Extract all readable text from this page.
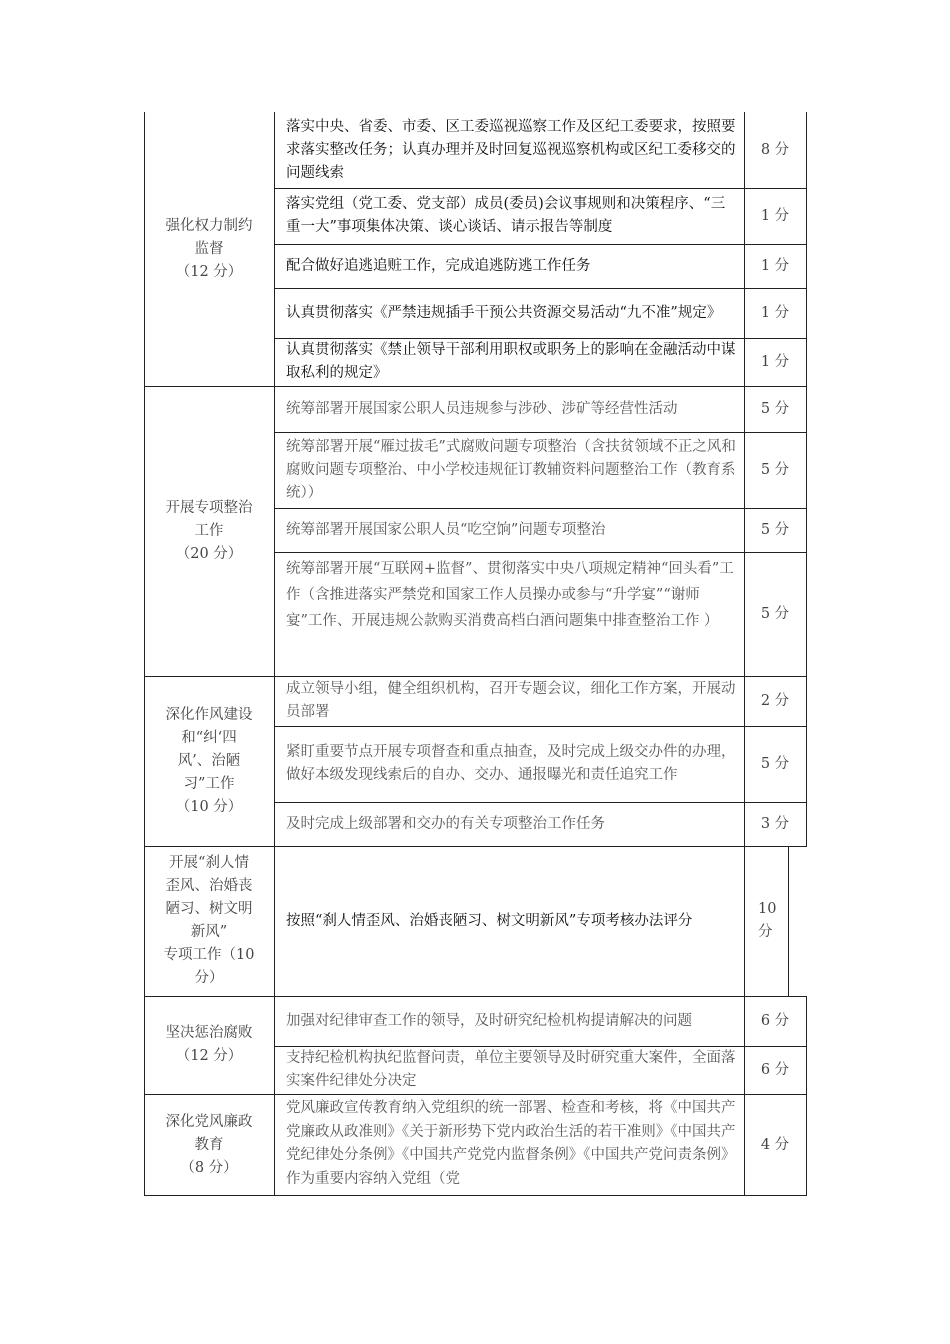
强化权力制约
监督
（12 分）
落实中央、省委、市委、区工委巡视巡察工作及区纪工委要求，按照要求落实整改任务；认真办理并及时回复巡视巡察机构或区纪工委移交的问题线索
8 分
落实党组（党工委、党支部）成员(委员)会议事规则和决策程序、“三重一大”事项集体决策、谈心谈话、请示报告等制度
1 分
配合做好追逃追赃工作，完成追逃防逃工作任务	1 分
认真贯彻落实《严禁违规插手干预公共资源交易活动“九不准”规定》	1 分
认真贯彻落实《禁止领导干部利用职权或职务上的影响在金融活动中谋取私利的规定》
1 分
开展专项整治
工作
（20 分）
统筹部署开展国家公职人员违规参与涉砂、涉矿等经营性活动	5 分
统筹部署开展“雁过拔毛”式腐败问题专项整治（含扶贫领域不正之风和腐败问题专项整治、中小学校违规征订教辅资料问题整治工作（教育系统））
5 分
统筹部署开展国家公职人员“吃空饷”问题专项整治	5 分
统筹部署开展“互联网+监督”、贯彻落实中央八项规定精神“回头看”工作（含推进落实严禁党和国家工作人员操办或参与“升学宴”“谢师宴”工作、开展违规公款购买消费高档白酒问题集中排查整治工作 ）	5 分
深化作风建设
和“纠‘四
风’、治陋
习”工作
（10 分）
成立领导小组，健全组织机构，召开专题会议，细化工作方案，开展动员部署
2 分
紧盯重要节点开展专项督查和重点抽查，及时完成上级交办件的办理，做好本级发现线索后的自办、交办、通报曝光和责任追究工作
5 分
及时完成上级部署和交办的有关专项整治工作任务	3 分
开展“刹人情
歪风、治婚丧
陋习、树文明
新风”
专项工作（10
分）
按照“刹人情歪风、治婚丧陋习、树文明新风”专项考核办法评分
10
分
坚决惩治腐败
（12 分）
加强对纪律审查工作的领导，及时研究纪检机构提请解决的问题	6 分
支持纪检机构执纪监督问责，单位主要领导及时研究重大案件，全面落实案件纪律处分决定
6 分
深化党风廉政
教育
（8 分）
党风廉政宣传教育纳入党组织的统一部署、检查和考核，将《中国共产党廉政从政准则》《关于新形势下党内政治生活的若干准则》《中国共产党纪律处分条例》《中国共产党党内监督条例》《中国共产党问责条例》作为重要内容纳入党组（党
4 分
